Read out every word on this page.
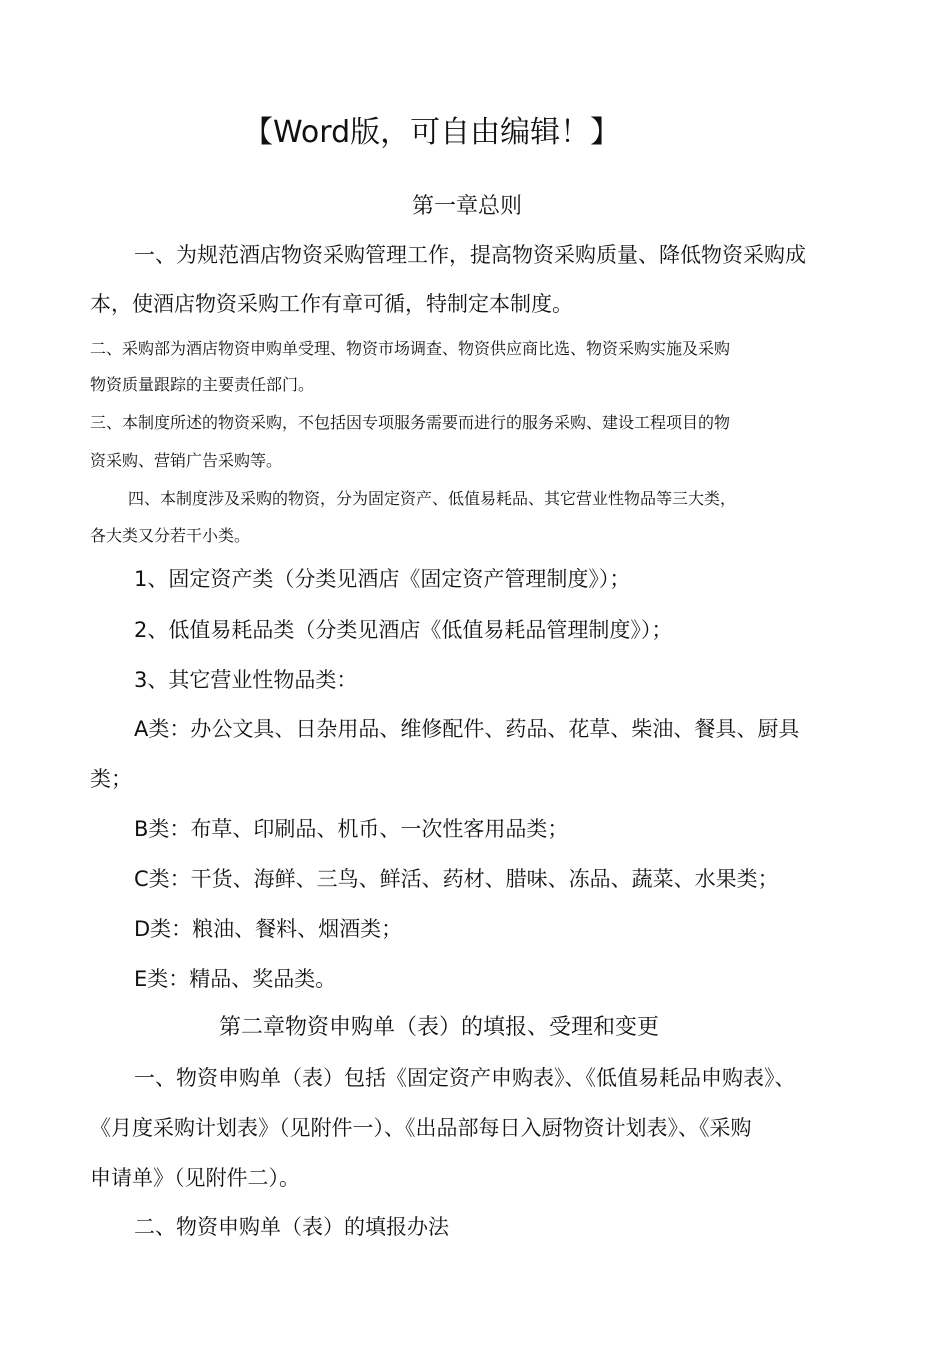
【Word版，可自由编辑！】
第一章总则
一、为规范酒店物资采购管理工作，提高物资采购质量、降低物资采购成
本，使酒店物资采购工作有章可循，特制定本制度。
二、采购部为酒店物资申购单受理、物资市场调查、物资供应商比选、物资采购实施及采购
物资质量跟踪的主要责任部门。
三、本制度所述的物资采购，不包括因专项服务需要而进行的服务采购、建设工程项目的物
资采购、营销广告采购等。
四、本制度涉及采购的物资，分为固定资产、低值易耗品、其它营业性物品等三大类，
各大类又分若干小类。
1、固定资产类（分类见酒店《固定资产管理制度》）；
2、低值易耗品类（分类见酒店《低值易耗品管理制度》）；
3、其它营业性物品类：
A类：办公文具、日杂用品、维修配件、药品、花草、柴油、餐具、厨具
类；
B类：布草、印刷品、机币、一次性客用品类；
C类：干货、海鲜、三鸟、鲜活、药材、腊味、冻品、蔬菜、水果类；
D类：粮油、餐料、烟酒类；
E类：精品、奖品类。
第二章物资申购单（表）的填报、受理和变更
一、物资申购单（表）包括《固定资产申购表》、《低值易耗品申购表》、
《月度采购计划表》（见附件一）、《出品部每日入厨物资计划表》、《采购
申请单》（见附件二）。
二、物资申购单（表）的填报办法
